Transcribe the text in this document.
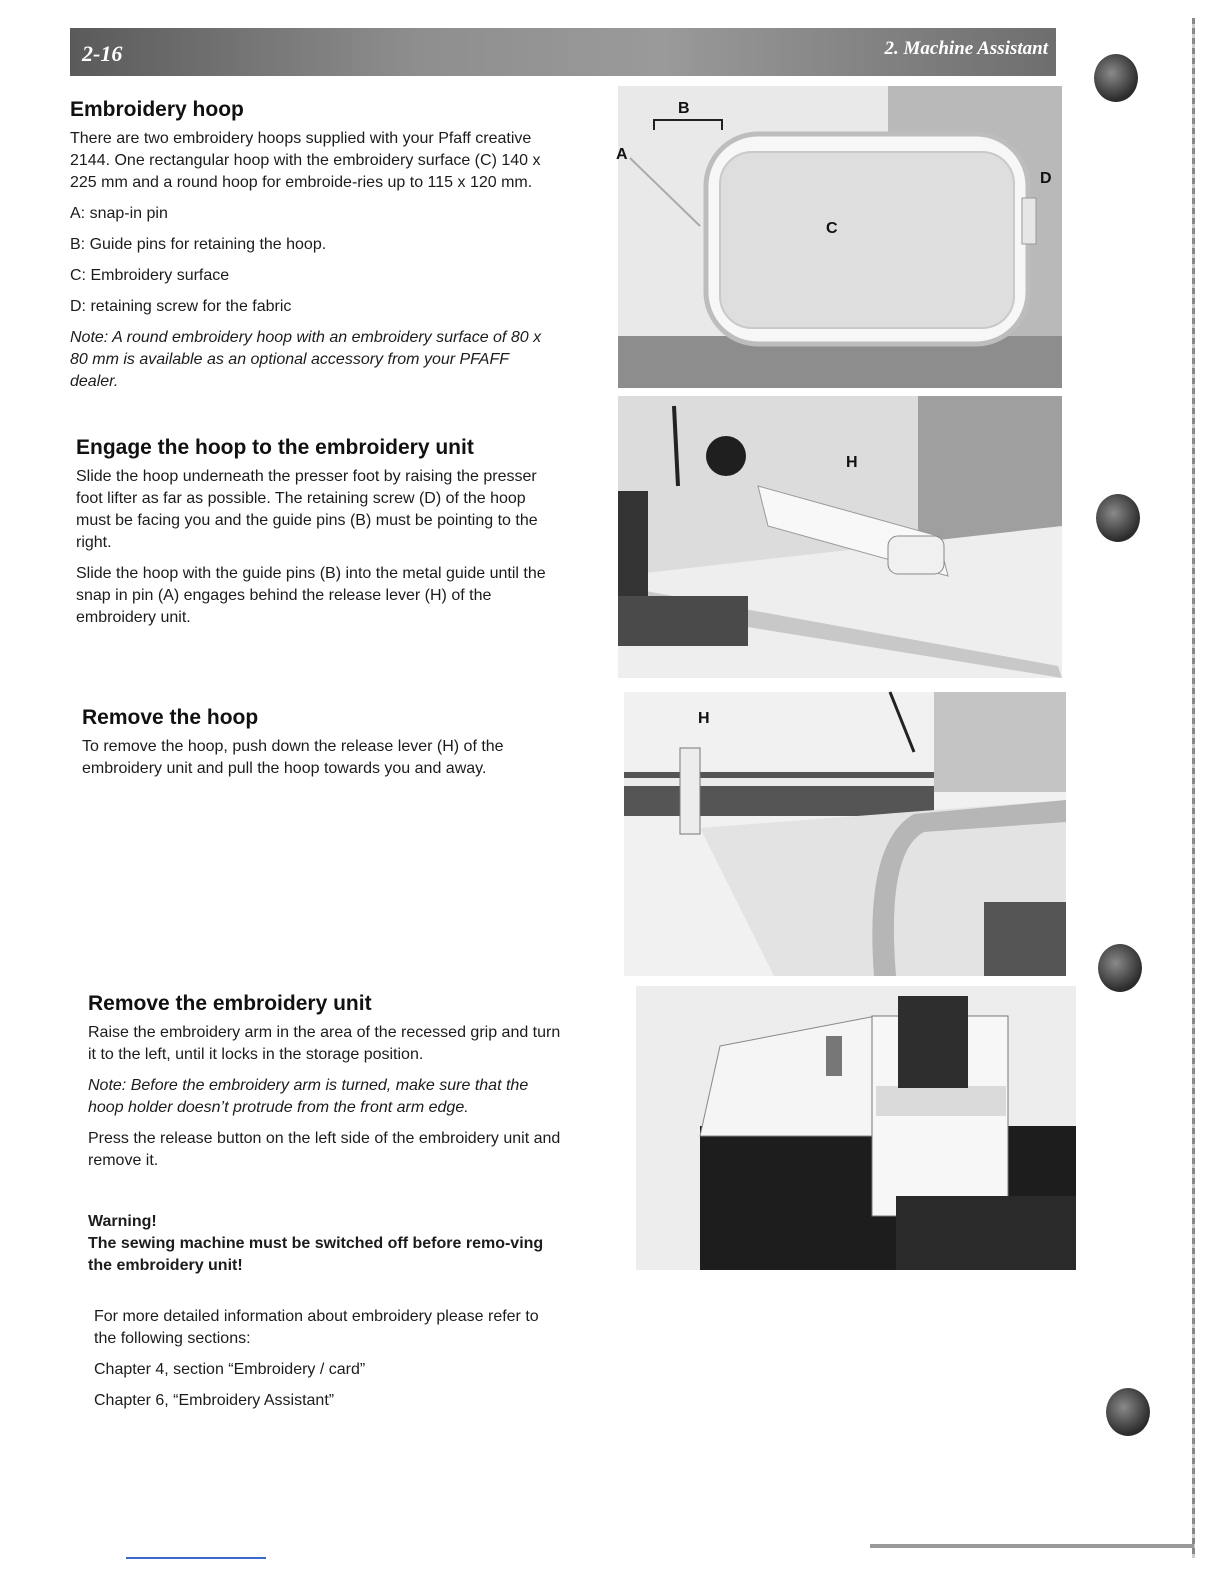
2-16	2. Machine Assistant
Embroidery hoop

There are two embroidery hoops supplied with your Pfaff creative 2144. One rectangular hoop with the embroidery surface (C) 140 x 225 mm and a round hoop for embroide-ries up to 115 x 120 mm.

A: snap-in pin

B: Guide pins for retaining the hoop.

C: Embroidery surface

D: retaining screw for the fabric

Note: A round embroidery hoop with an embroidery surface of 80 x 80 mm is available as an optional accessory from your PFAFF dealer.

Engage the hoop to the embroidery unit

Slide the hoop underneath the presser foot by raising the presser foot lifter as far as possible. The retaining screw (D) of the hoop must be facing you and the guide pins (B) must be pointing to the right.

Slide the hoop with the guide pins (B) into the metal guide until the snap in pin (A) engages behind the release lever (H) of the embroidery unit.

Remove the hoop

To remove the hoop, push down the release lever (H) of the embroidery unit and pull the hoop towards you and away.

Remove the embroidery unit

Raise the embroidery arm in the area of the recessed grip and turn it to the left, until it locks in the storage position.

Note: Before the embroidery arm is turned, make sure that the hoop holder doesn’t protrude from the front arm edge.

Press the release button on the left side of the embroidery unit and remove it.

Warning!

The sewing machine must be switched off before remo-ving the embroidery unit!

For more detailed information about embroidery please refer to the following sections:

Chapter 4, section “Embroidery / card”

Chapter 6, “Embroidery Assistant”

B
A
C
D
H
H
